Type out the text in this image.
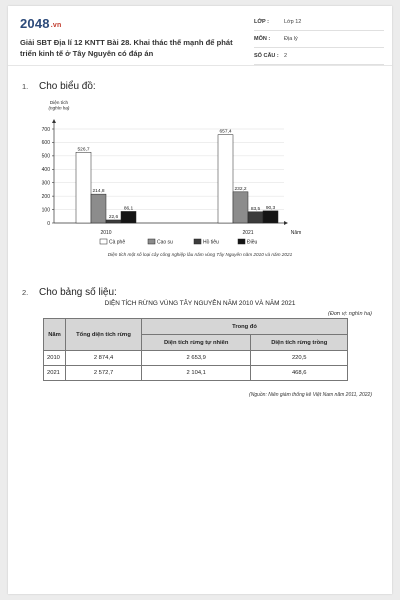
2048.vn
Giải SBT Địa lí 12 KNTT Bài 28. Khai thác thế mạnh để phát triển kinh tế ở Tây Nguyên có đáp án
LỚP :	Lớp 12
MÔN :	Địa lý
SỐ CÂU : 2
1. Cho biểu đồ:
0
100
200
300
400
500
600
700
Diện tích
(nghìn ha)
Năm
526,7
214,8
22,6
86,1
2010
657,4
232,2
83,5 90,3
2021
Cà phê	Cao su	Hồ tiêu	Điều
Diện tích một số loại cây công nghiệp lâu năm vùng Tây Nguyên năm 2010 và năm 2021
2. Cho bảng số liệu:
DIỆN TÍCH RỪNG VÙNG TÂY NGUYÊN NĂM 2010 VÀ NĂM 2021
(Đơn vị: nghìn ha)
Năm	Tổng diện tích rừng	Trong đó	
		Diện tích rừng tự nhiên	Diện tích rừng trồng
2010	2 874,4	2 653,9	220,5
2021	2 572,7	2 104,1	468,6
(Nguồn: Niên giám thống kê Việt Nam năm 2011, 2022)
